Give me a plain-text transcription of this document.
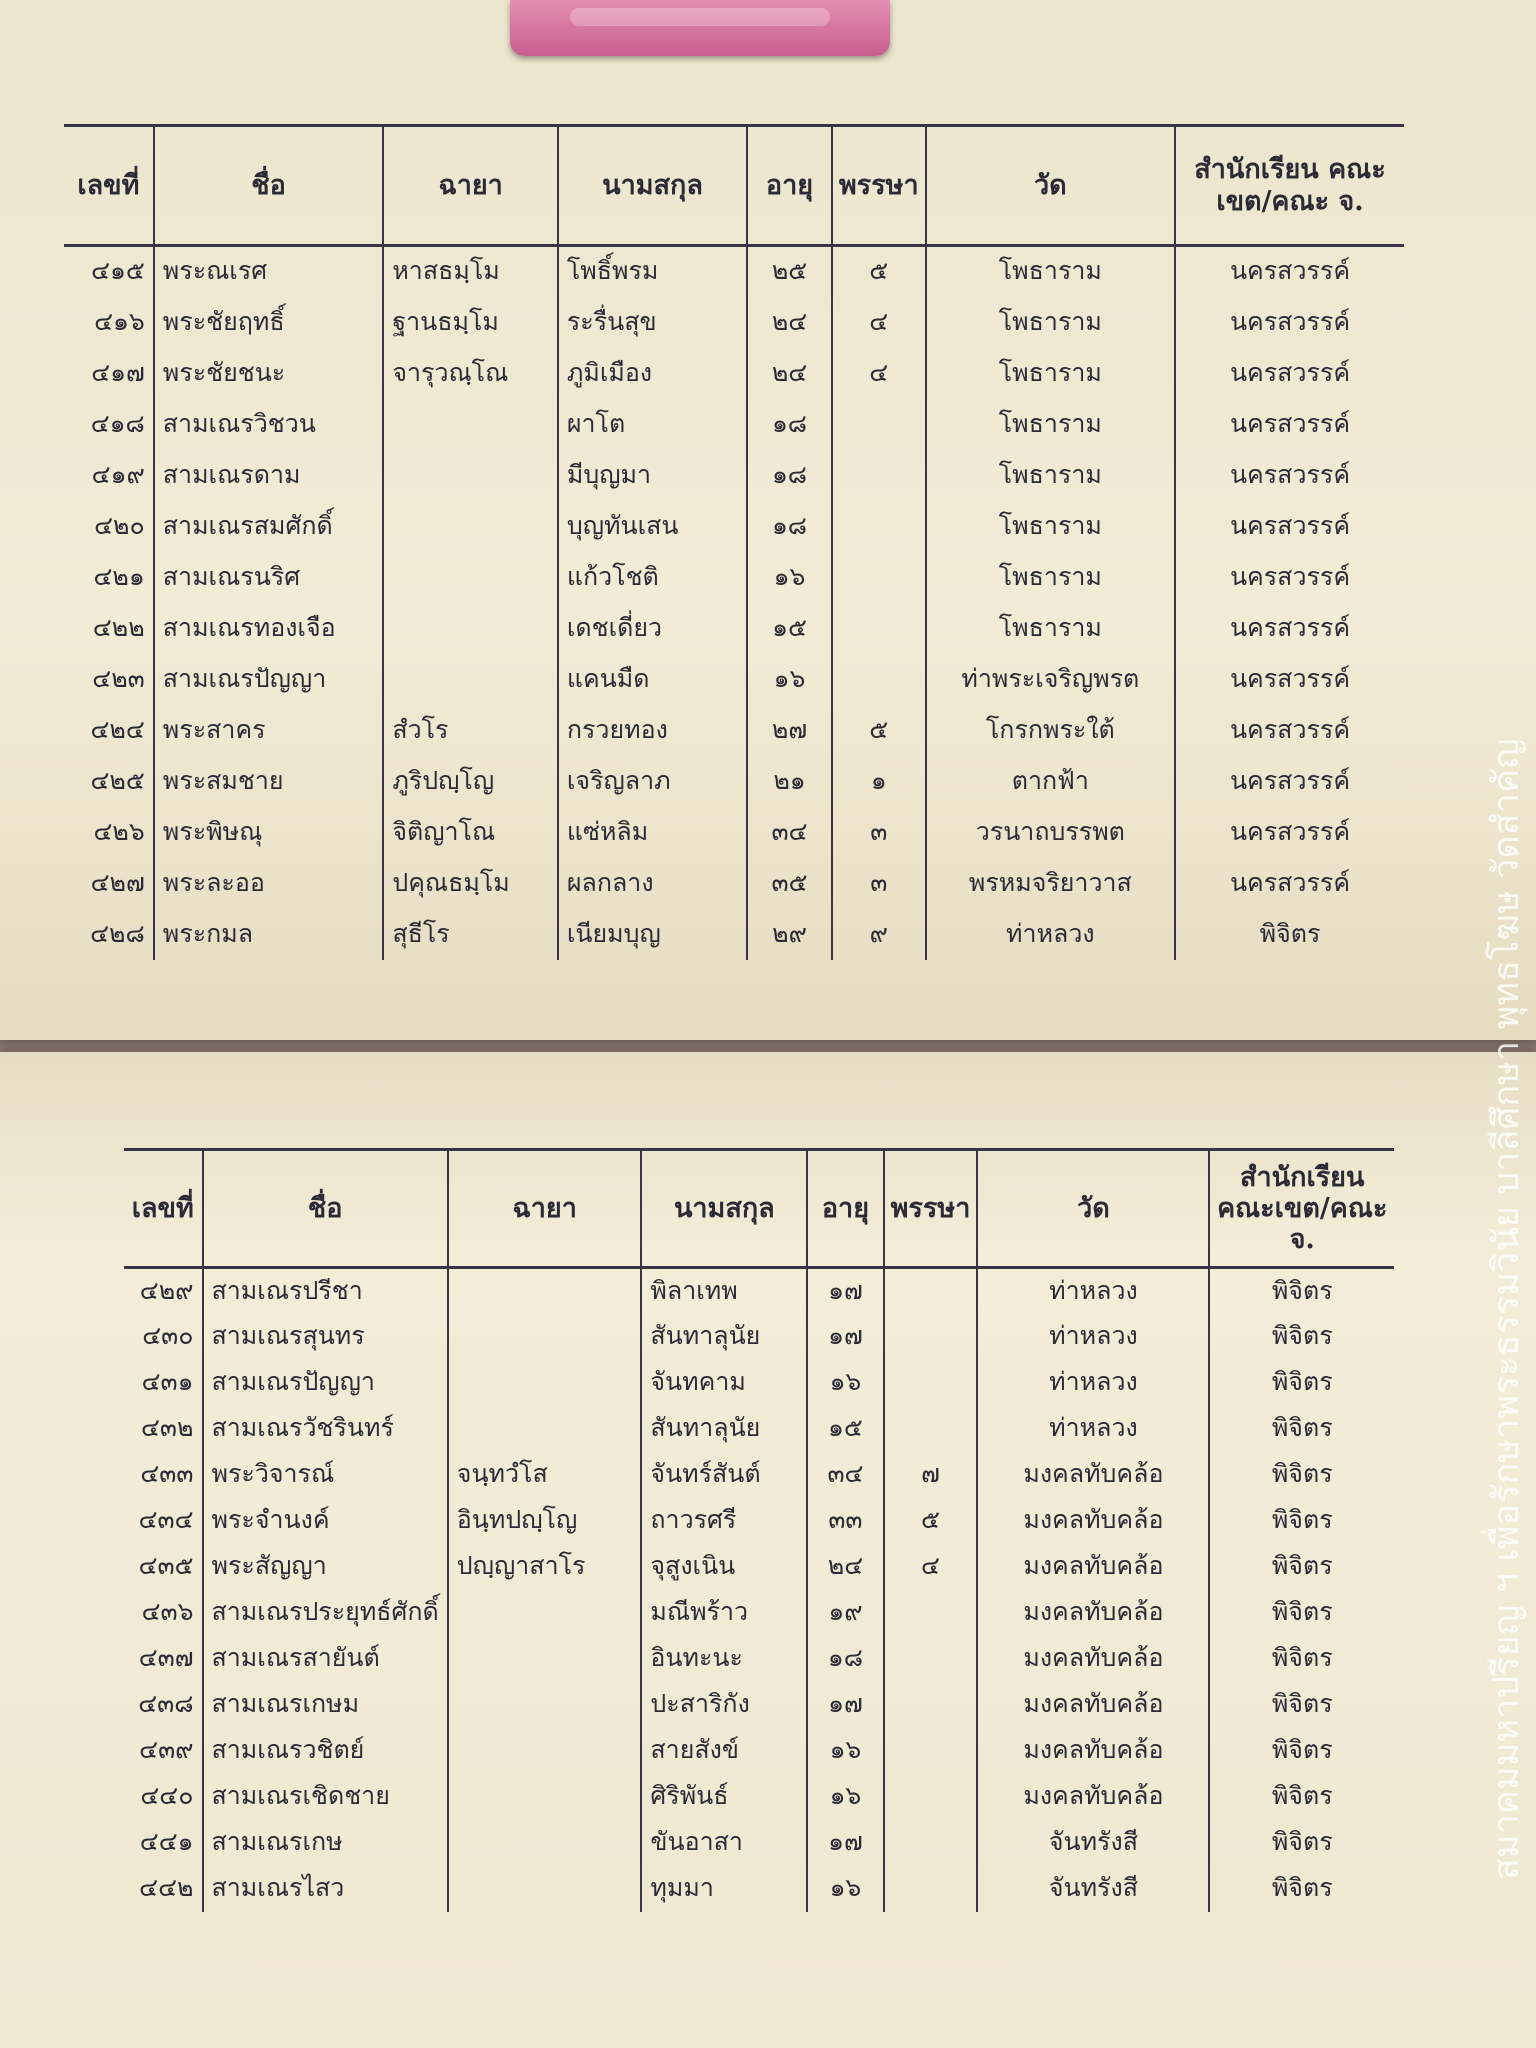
เลขที่	ชื่อ	ฉายา	นามสกุล	อายุ	พรรษา	วัด	สำนักเรียน คณะเขต/คณะ จ.
๔๑๕	พระณเรศ	หาสธมฺโม	โพธิ์พรม	๒๕	๕	โพธาราม	นครสวรรค์
๔๑๖	พระชัยฤทธิ์	ฐานธมฺโม	ระรื่นสุข	๒๔	๔	โพธาราม	นครสวรรค์
๔๑๗	พระชัยชนะ	จารุวณฺโณ	ภูมิเมือง	๒๔	๔	โพธาราม	นครสวรรค์
๔๑๘	สามเณรวิชวน		ผาโต	๑๘		โพธาราม	นครสวรรค์
๔๑๙	สามเณรดาม		มีบุญมา	๑๘		โพธาราม	นครสวรรค์
๔๒๐	สามเณรสมศักดิ์		บุญทันเสน	๑๘		โพธาราม	นครสวรรค์
๔๒๑	สามเณรนริศ		แก้วโชติ	๑๖		โพธาราม	นครสวรรค์
๔๒๒	สามเณรทองเจือ		เดชเดี่ยว	๑๕		โพธาราม	นครสวรรค์
๔๒๓	สามเณรปัญญา		แคนมืด	๑๖		ท่าพระเจริญพรต	นครสวรรค์
๔๒๔	พระสาคร	สํวโร	กรวยทอง	๒๗	๕	โกรกพระใต้	นครสวรรค์
๔๒๕	พระสมชาย	ภูริปญฺโญ	เจริญลาภ	๒๑	๑	ตากฟ้า	นครสวรรค์
๔๒๖	พระพิษณุ	จิติญาโณ	แซ่หลิม	๓๔	๓	วรนาถบรรพต	นครสวรรค์
๔๒๗	พระละออ	ปคุณธมฺโม	ผลกลาง	๓๕	๓	พรหมจริยาวาส	นครสวรรค์
๔๒๘	พระกมล	สุธีโร	เนียมบุญ	๒๙	๙	ท่าหลวง	พิจิตร
เลขที่	ชื่อ	ฉายา	นามสกุล	อายุ	พรรษา	วัด	สำนักเรียน คณะเขต/คณะ จ.
๔๒๙	สามเณรปรีชา		พิลาเทพ	๑๗		ท่าหลวง	พิจิตร
๔๓๐	สามเณรสุนทร		สันทาลุนัย	๑๗		ท่าหลวง	พิจิตร
๔๓๑	สามเณรปัญญา		จันทคาม	๑๖		ท่าหลวง	พิจิตร
๔๓๒	สามเณรวัชรินทร์		สันทาลุนัย	๑๕		ท่าหลวง	พิจิตร
๔๓๓	พระวิจารณ์	จนฺทวํโส	จันทร์สันต์	๓๔	๗	มงคลทับคล้อ	พิจิตร
๔๓๔	พระจำนงค์	อินฺทปญฺโญ	ถาวรศรี	๓๓	๕	มงคลทับคล้อ	พิจิตร
๔๓๕	พระสัญญา	ปญฺญาสาโร	จุสูงเนิน	๒๔	๔	มงคลทับคล้อ	พิจิตร
๔๓๖	สามเณรประยุทธ์ศักดิ์		มณีพร้าว	๑๙		มงคลทับคล้อ	พิจิตร
๔๓๗	สามเณรสายันต์		อินทะนะ	๑๘		มงคลทับคล้อ	พิจิตร
๔๓๘	สามเณรเกษม		ปะสาริกัง	๑๗		มงคลทับคล้อ	พิจิตร
๔๓๙	สามเณรวชิตย์		สายสังข์	๑๖		มงคลทับคล้อ	พิจิตร
๔๔๐	สามเณรเชิดชาย		ศิริพันธ์	๑๖		มงคลทับคล้อ	พิจิตร
๔๔๑	สามเณรเกษ		ขันอาสา	๑๗		จันทรังสี	พิจิตร
๔๔๒	สามเณรไสว		ทุมมา	๑๖		จันทรังสี	พิจิตร
สมาคมมหาปรียญ ฯ เพื่อรักษาพระธรรมวินัย บาลีศึกษา พุทธโฆษ วัดสำคัญ
